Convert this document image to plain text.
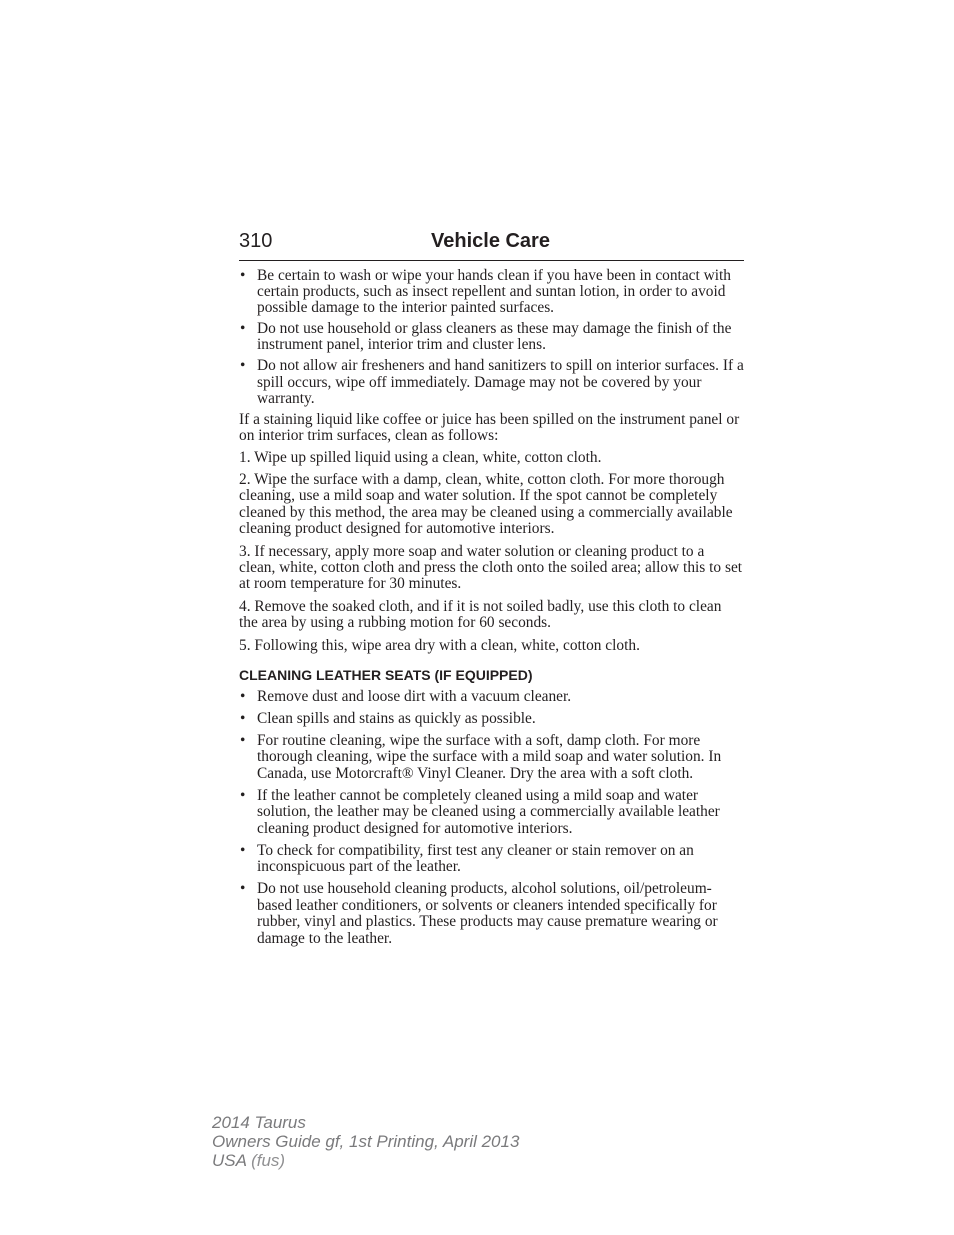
310	Vehicle Care
• Be certain to wash or wipe your hands clean if you have been in contact with certain products, such as insect repellent and suntan lotion, in order to avoid possible damage to the interior painted surfaces.
• Do not use household or glass cleaners as these may damage the finish of the instrument panel, interior trim and cluster lens.
• Do not allow air fresheners and hand sanitizers to spill on interior surfaces. If a spill occurs, wipe off immediately. Damage may not be covered by your warranty.

If a staining liquid like coffee or juice has been spilled on the instrument panel or on interior trim surfaces, clean as follows:

1. Wipe up spilled liquid using a clean, white, cotton cloth.

2. Wipe the surface with a damp, clean, white, cotton cloth. For more thorough cleaning, use a mild soap and water solution. If the spot cannot be completely cleaned by this method, the area may be cleaned using a commercially available cleaning product designed for automotive interiors.

3. If necessary, apply more soap and water solution or cleaning product to a clean, white, cotton cloth and press the cloth onto the soiled area; allow this to set at room temperature for 30 minutes.

4. Remove the soaked cloth, and if it is not soiled badly, use this cloth to clean the area by using a rubbing motion for 60 seconds.

5. Following this, wipe area dry with a clean, white, cotton cloth.

CLEANING LEATHER SEATS (IF EQUIPPED)
• Remove dust and loose dirt with a vacuum cleaner.
• Clean spills and stains as quickly as possible.
• For routine cleaning, wipe the surface with a soft, damp cloth. For more thorough cleaning, wipe the surface with a mild soap and water solution. In Canada, use Motorcraft® Vinyl Cleaner. Dry the area with a soft cloth.
• If the leather cannot be completely cleaned using a mild soap and water solution, the leather may be cleaned using a commercially available leather cleaning product designed for automotive interiors.
• To check for compatibility, first test any cleaner or stain remover on an inconspicuous part of the leather.
• Do not use household cleaning products, alcohol solutions, oil/petroleum-based leather conditioners, or solvents or cleaners intended specifically for rubber, vinyl and plastics. These products may cause premature wearing or damage to the leather.
2014 Taurus
Owners Guide gf, 1st Printing, April 2013
USA (fus)
